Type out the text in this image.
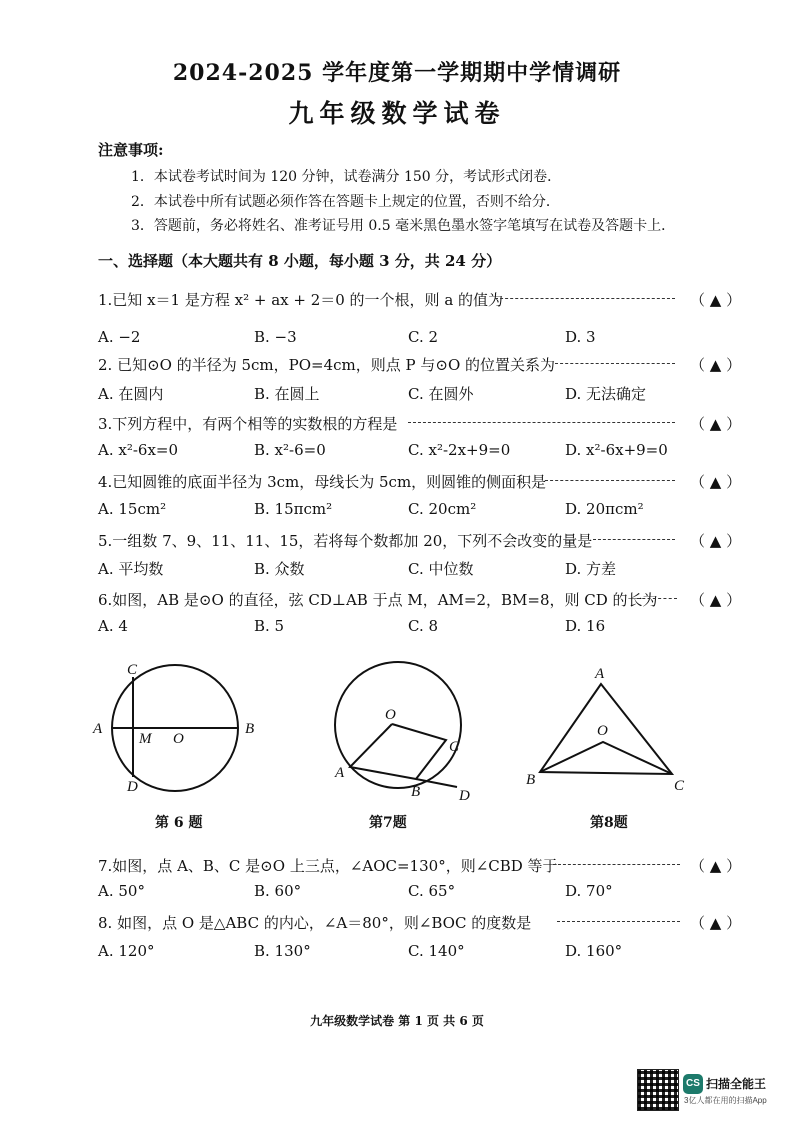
2024-2025 学年度第一学期期中学情调研
九年级数学试卷
注意事项:
1．本试卷考试时间为 120 分钟，试卷满分 150 分，考试形式闭卷．
2．本试卷中所有试题必须作答在答题卡上规定的位置，否则不给分．
3．答题前，务必将姓名、准考证号用 0.5 毫米黑色墨水签字笔填写在试卷及答题卡上．
一、选择题（本大题共有 8 小题，每小题 3 分，共 24 分）
1.已知 x＝1 是方程 x² + ax + 2＝0 的一个根，则 a 的值为	（ ▲ ）
A. −2	B. −3	C. 2	D. 3
2. 已知⊙O 的半径为 5cm，PO=4cm，则点 P 与⊙O 的位置关系为	（ ▲ ）
A. 在圆内	B. 在圆上	C. 在圆外	D. 无法确定
3.下列方程中，有两个相等的实数根的方程是	（ ▲ ）
A. x²-6x=0	B. x²-6=0	C. x²-2x+9=0	D. x²-6x+9=0
4.已知圆锥的底面半径为 3cm，母线长为 5cm，则圆锥的侧面积是	（ ▲ ）
A. 15cm²	B. 15πcm²	C. 20cm²	D. 20πcm²
5.一组数 7、9、11、11、15，若将每个数都加 20，下列不会改变的量是	（ ▲ ）
A. 平均数	B. 众数	C. 中位数	D. 方差
6.如图，AB 是⊙O 的直径，弦 CD⊥AB 于点 M，AM=2，BM=8，则 CD 的长为 （ ▲ ）
A. 4	B. 5	C. 8	D. 16
C
A
M O
B
D
第 6 题
O
C
A
B	D
第7题
A
O
B	C
第8题
7.如图，点 A、B、C 是⊙O 上三点，∠AOC=130°，则∠CBD 等于	（ ▲ ）
A. 50°	B. 60°	C. 65°	D. 70°
8. 如图，点 O 是△ABC 的内心，∠A＝80°，则∠BOC 的度数是	（ ▲ ）
A. 120°	B. 130°	C. 140°	D. 160°
九年级数学试卷 第 1 页 共 6 页
CS 扫描全能王
3亿人都在用的扫描App
